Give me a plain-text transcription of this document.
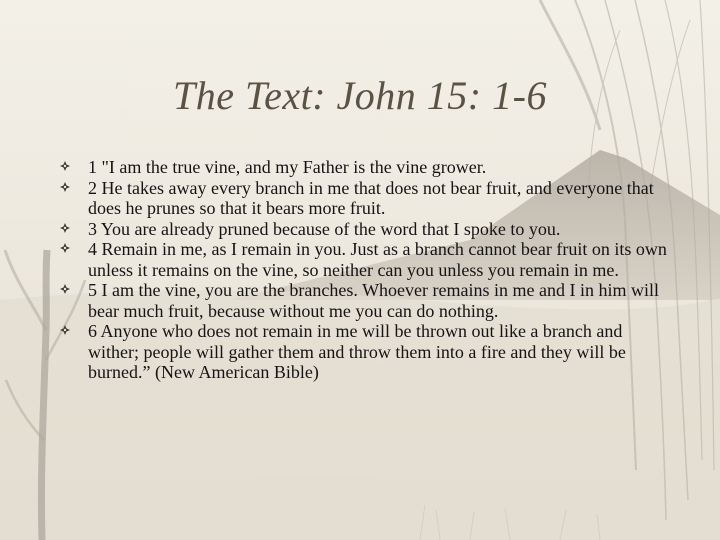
The Text: John 15: 1-6
1 "I am the true vine, and my Father is the vine grower.
2 He takes away every branch in me that does not bear fruit, and everyone that does he prunes so that it bears more fruit.
3 You are already pruned because of the word that I spoke to you.
4 Remain in me, as I remain in you. Just as a branch cannot bear fruit on its own unless it remains on the vine, so neither can you unless you remain in me.
5 I am the vine, you are the branches. Whoever remains in me and I in him will bear much fruit, because without me you can do nothing.
6 Anyone who does not remain in me will be thrown out like a branch and wither; people will gather them and throw them into a fire and they will be burned.” (New American Bible)
